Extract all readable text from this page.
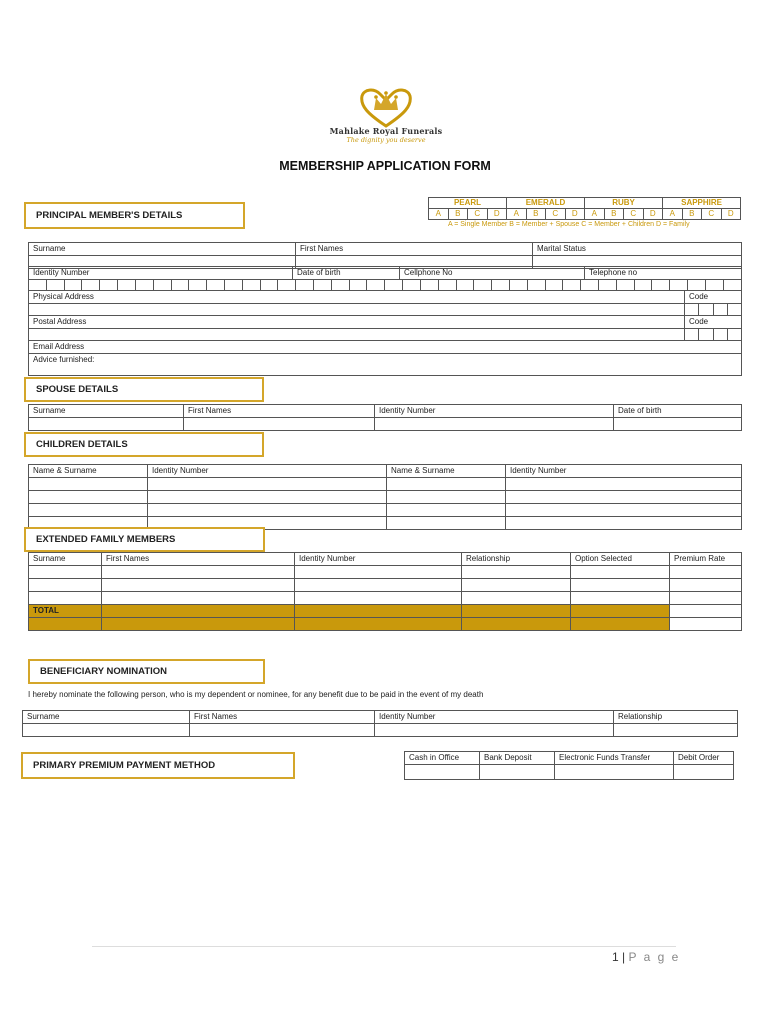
Mahlake Royal Funerals
The dignity you deserve
MEMBERSHIP APPLICATION FORM
PEARL				EMERALD				RUBY				SAPPHIRE			
A	B	C	D	A	B	C	D	A	B	C	D	A	B	C	D
A = Single Member B = Member + Spouse C = Member + Children D = Family
PRINCIPAL MEMBER'S DETAILS
Surname	First Names	Marital Status

Identity Number	Date of birth	Cellphone No	Telephone no

Physical Address	Code			

Postal Address	Code			

Email Address				
Advice furnished:				
SPOUSE DETAILS
Surname	First Names	Identity Number	Date of birth

CHILDREN DETAILS
Name & Surname	Identity Number	Name & Surname	Identity Number

EXTENDED FAMILY MEMBERS
Surname	First Names	Identity Number	Relationship	Option Selected	Premium Rate

TOTAL					

BENEFICIARY NOMINATION
I hereby nominate the following person, who is my dependent or nominee, for any benefit due to be paid in the event of my death
Surname	First Names	Identity Number	Relationship

PRIMARY PREMIUM PAYMENT METHOD
Cash in Office	Bank Deposit	Electronic Funds Transfer	Debit Order

1 | P a g e
